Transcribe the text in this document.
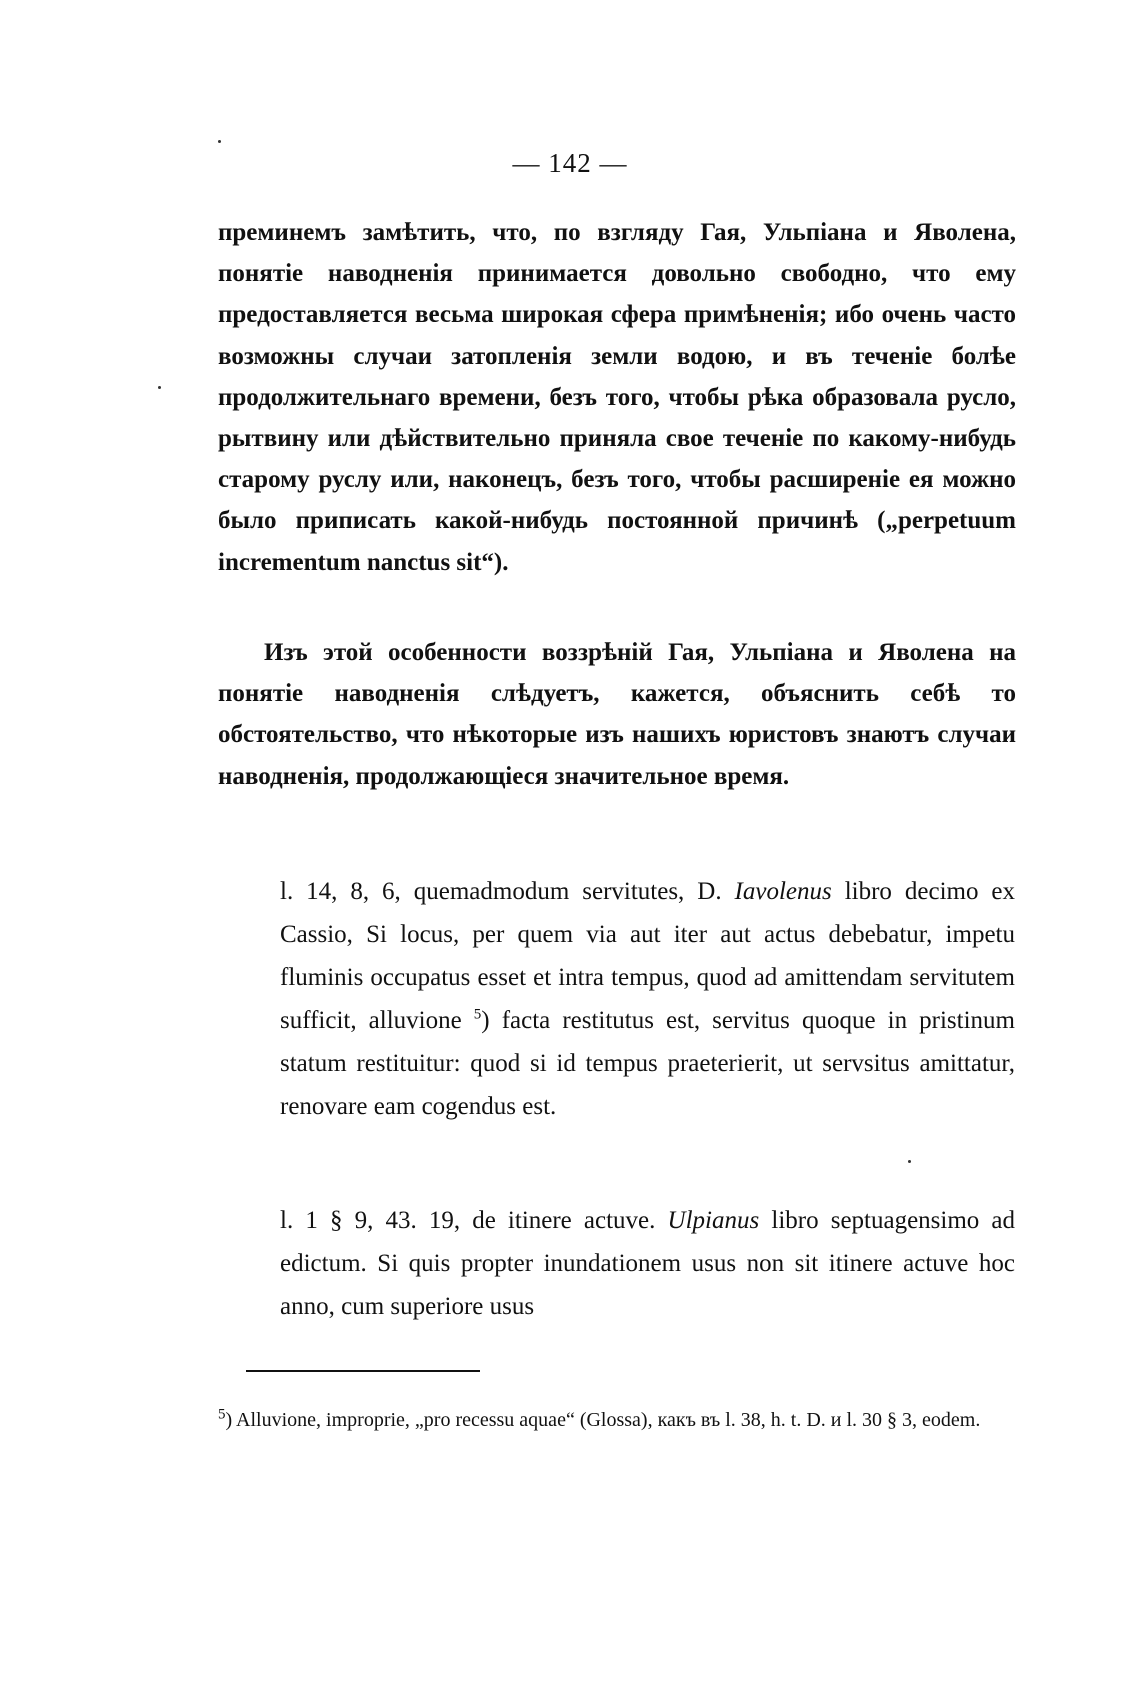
— 142 —
преминемъ замѣтить, что, по взгляду Гая, Ульпіана и Яволена, понятіе наводненія принимается довольно свободно, что ему предоставляется весьма широкая сфера примѣненія; ибо очень часто возможны случаи затопленія земли водою, и въ теченіе болѣе продолжительнаго времени, безъ того, чтобы рѣка образовала русло, рытвину или дѣйствительно приняла свое теченіе по какому-нибудь старому руслу или, наконецъ, безъ того, чтобы расширеніе ея можно было приписать какой-нибудь постоянной причинѣ („perpetuum incrementum nanctus sit“).
Изъ этой особенности воззрѣній Гая, Ульпіана и Яволена на понятіе наводненія слѣдуетъ, кажется, объяснить себѣ то обстоятельство, что нѣкоторые изъ нашихъ юристовъ знаютъ случаи наводненія, продолжающіеся значительное время.
l. 14, 8, 6, quemadmodum servitutes, D. Iavolenus libro decimo ex Cassio, Si locus, per quem via aut iter aut actus debebatur, impetu fluminis occupatus esset et intra tempus, quod ad amittendam servitutem sufficit, alluvione $^5$) facta restitutus est, servitus quoque in pristinum statum restituitur: quod si id tempus praeterierit, ut servsitus amittatur, renovare eam cogendus est.
l. 1 § 9, 43. 19, de itinere actuve. Ulpianus libro septuagensimo ad edictum. Si quis propter inundationem usus non sit itinere actuve hoc anno, cum superiore usus
$^5$) Alluvione, improprie, „pro recessu aquae“ (Glossa), какъ въ l. 38, h. t. D. и l. 30 § 3, eodem.
